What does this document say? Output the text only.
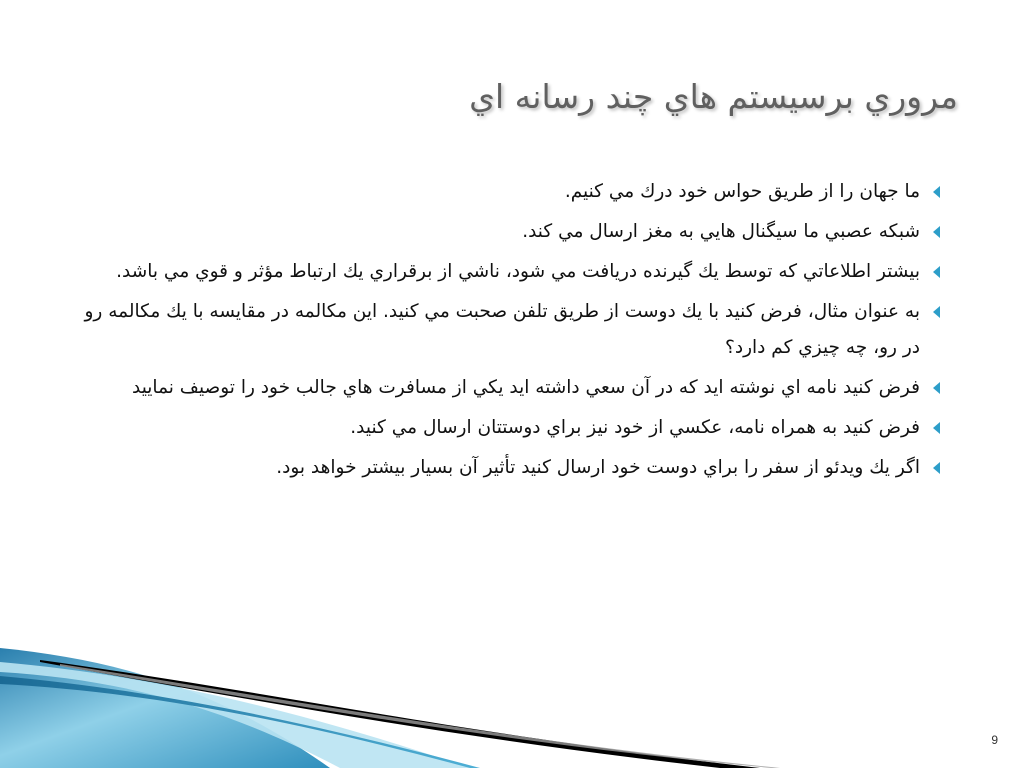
مروري برسيستم هاي چند رسانه اي
ما جهان را از طريق حواس خود درك مي كنيم.
شبكه عصبي ما سيگنال هايي به مغز ارسال مي كند.
بيشتر اطلاعاتي كه توسط يك گيرنده دريافت مي شود، ناشي از برقراري يك ارتباط مؤثر و قوي مي باشد.
به عنوان مثال، فرض كنيد با يك دوست از طريق تلفن صحبت مي كنيد. اين مكالمه در مقايسه با يك مكالمه رو در رو، چه چيزي كم دارد؟
فرض كنيد نامه اي نوشته ايد كه در آن سعي داشته ايد يكي از مسافرت هاي جالب خود را توصيف نماييد
فرض كنيد به همراه نامه، عكسي از خود نيز براي دوستتان ارسال مي كنيد.
اگر يك ويدئو از سفر را براي دوست خود ارسال كنيد تأثير آن بسيار بيشتر خواهد بود.
9
